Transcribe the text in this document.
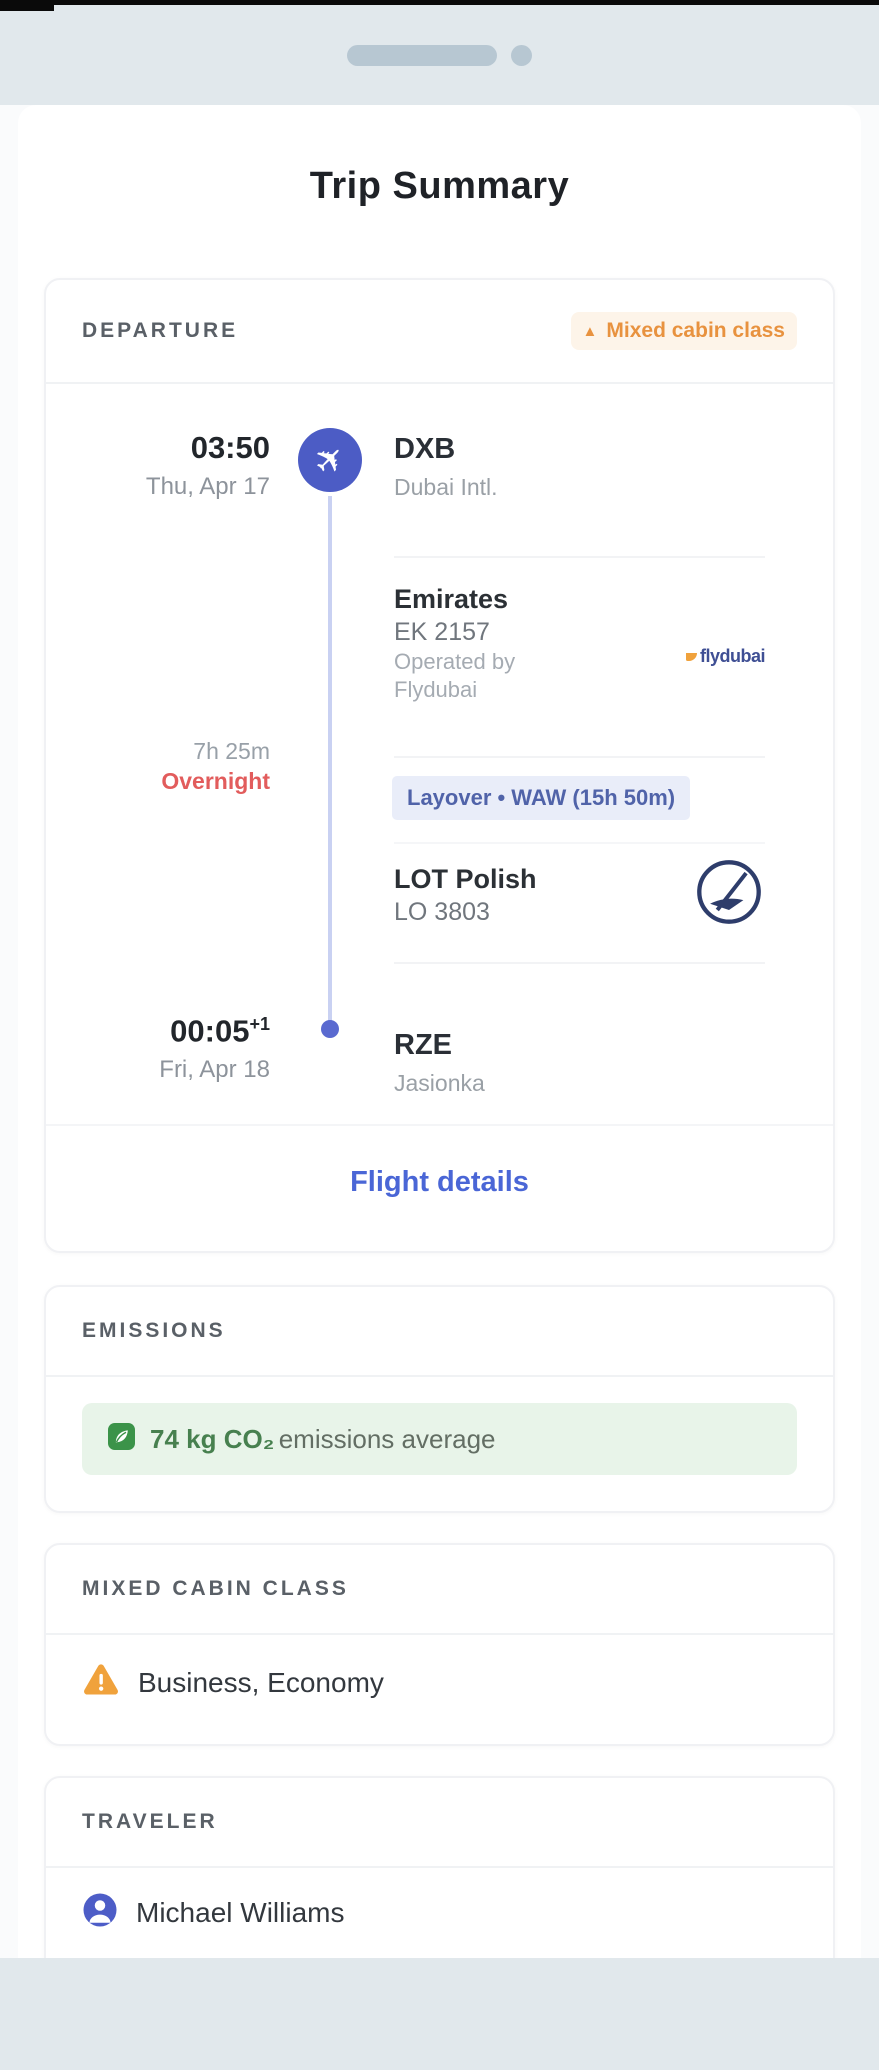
Trip Summary
DEPARTURE	▲ Mixed cabin class
✈
03:50
Thu, Apr 17
7h 25m
Overnight
$00:05^{+1}$
Fri, Apr 18
DXB
Dubai Intl.
Emirates
EK 2157
Operated by Flydubai
flydubai
Layover • WAW (15h 50m)
LOT Polish
LO 3803
RZE
Jasionka
Flight details
EMISSIONS
74 kg CO₂ emissions average
MIXED CABIN CLASS
Business, Economy
TRAVELER
Michael Williams
